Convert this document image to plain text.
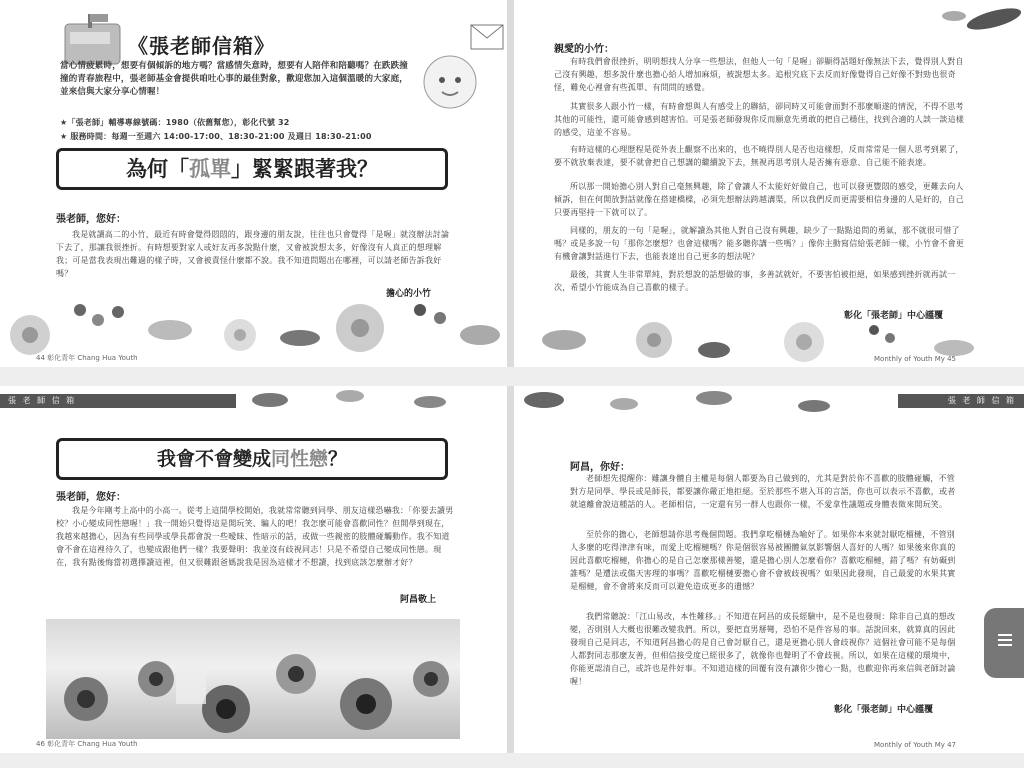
《張老師信箱》
當心情疲累時，想要有個傾訴的地方嗎？當感情失意時，想要有人陪伴和陪聽嗎？在跌跌撞撞的青春旅程中，張老師基金會提供咱吐心事的最佳對象，歡迎您加入這個溫暖的大家庭，並來信與大家分享心情喔！
★「張老師」輔導專線號碼：1980（依舊幫您），彰化代號 32
★ 服務時間：每週一至週六 14:00-17:00、18:30-21:00 及週日 18:30-21:00
為何「孤單」緊緊跟著我？
張老師，您好：
我是就讀高二的小竹，最近有時會覺得悶悶的，跟身邊的朋友說，往往也只會覺得「是喔」就沒辦法討論下去了，那讓我很挫折。有時想要對家人或好友再多說點什麼，又會被說想太多，好像沒有人真正的想理解我；可是當我表現出難過的樣子時，又會被責怪什麼都不說。我不知道問題出在哪裡，可以請老師告訴我好嗎？
擔心的小竹
44 彰化青年 Chang Hua Youth
親愛的小竹：
有時我們會很挫折，明明想找人分享一些想法，但他人一句「是喔」卻顯得話題好像無法下去，覺得別人對自己沒有興趣，想多說什麼也擔心給人增加麻煩，被說想太多。追根究底下去反而好像覺得自己好像不對勁也很奇怪，難免心裡會有些孤單、有問問的感覺。
其實很多人跟小竹一樣，有時會想與人有感受上的聯結，卻同時又可能會面對不那麼順遂的情況，不得不思考其他的可能性，還可能會感到越害怕。可是張老師發現你反而願意先勇敢的把自己穩住，找到合適的人談一談這樣的感受，這並不容易。
有時這樣的心理歷程是從外表上觀察不出來的，也不曉得別人是否也這樣想，反而常常是一個人思考到累了，要不就放棄表達，要不就會把自己想講的繼續說下去，無視再思考別人是否擁有惡意、自己能不能表達。
所以那一開始擔心別人對自己毫無興趣，除了會讓人不太能好好做自己，也可以發更豐悶的感受，更難去向人傾訴，但在何開放對話就像在搭建橋樑，必須先想辦法跨越溝渠，所以我們反而更需要相信身邊的人是好的，自己只要再堅持一下就可以了。
同樣的，朋友的一句「是喔」，就解讀為其他人對自己沒有興趣，缺少了一點點追問的勇氣，那不就很可惜了嗎？或是多說一句「那你怎麼想？也會這樣嗎？能多聽你講一些嗎？」像你主動寫信給張老師一樣，小竹會不會更有機會讓對話進行下去，也能表達出自己更多的想法呢？
最後，其實人生非常單純，對於想說的話想做的事，多善試就好，不要害怕被拒絕，如果感到挫折就再試一次，希望小竹能成為自己喜歡的樣子。
彰化「張老師」中心謹覆
Monthly of Youth My 45
張 老 師 信 箱
我會不會變成同性戀？
張老師，您好：
我是今年剛考上高中的小高一。從考上這間學校開始，我就常常聽到同學、朋友這樣恐嚇我：「你要去讀男校？小心變成同性戀喔！」我一開始只覺得這是開玩笑、騙人的吧！我怎麼可能會喜歡同性？但開學到現在，我越來越擔心，因為有些同學或學長都會說一些曖昧、性暗示的話，或做一些親密的肢體碰觸動作。我不知道會不會在這裡待久了，也變成跟他們一樣？我要聲明：我並沒有歧視同志！只是不希望自己變成同性戀。現在，我有點後悔當初選擇讀這裡，但又很難跟爸媽說我是因為這樣才不想讀，找到底該怎麼辦才好？
阿昌敬上
46 彰化青年 Chang Hua Youth
張 老 師 信 箱
阿昌，你好：
老師想先提醒你：雖讓身體自主權是每個人都要為自己做到的，尤其是對於你不喜歡的肢體碰觸，不管對方是同學、學長或是師長，都要讓你嚴正地拒絕。至於那些不堪入耳的言語，你也可以表示不喜歡，或者就遠離會說這種話的人。老師相信，一定還有另一群人也跟你一樣，不愛拿性議題或身體表徵來開玩笑。
至於你的擔心，老師想請你思考幾個問題。我們拿吃榴槤為喻好了。如果你本來就討厭吃榴槤，不管別人多麼的吃得津津有味，而愛上吃榴槤嗎？你是個很容易被團體氣氛影響個人喜好的人嗎？如果後來你真的因此喜歡吃榴槤，你擔心的是自己怎麼那樣善變，還是擔心別人怎麼看你？喜歡吃榴槤，錯了嗎？有妨礙到誰嗎？是遭法或傷天害理的事嗎？喜歡吃榴槤要擔心會不會被歧視嗎？如果因此發現，自己最愛的水果其實是榴槤，會不會將來反而可以避免造成更多的遺憾？
我們常聽說：「江山易改，本性難移。」不知道在阿昌的成長經驗中，是不是也發現：除非自己真的想改變，否則別人大概也很難改變我們。所以，要把直男掰彎，恐怕不是件容易的事。話說回來，就算真的因此發現自己是同志，不知道阿昌擔心的是自己會討厭自己，還是更擔心別人會歧視你？這個社會可能不是每個人都對同志那麼友善，但相信接受度已經很多了，就像你也聲明了不會歧視。所以，如果在這樣的環境中，你能更認清自己，或許也是件好事。不知道這樣的回覆有沒有讓你少擔心一點，也歡迎你再來信與老師討論喔！
彰化「張老師」中心謹覆
Monthly of Youth My 47
